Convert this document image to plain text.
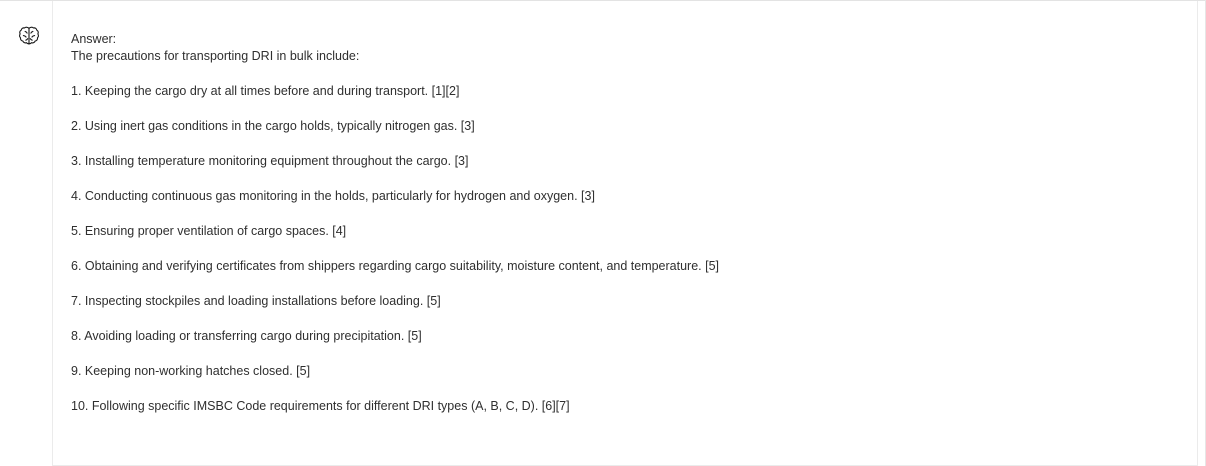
Answer:
The precautions for transporting DRI in bulk include:
1. Keeping the cargo dry at all times before and during transport. [1][2]
2. Using inert gas conditions in the cargo holds, typically nitrogen gas. [3]
3. Installing temperature monitoring equipment throughout the cargo. [3]
4. Conducting continuous gas monitoring in the holds, particularly for hydrogen and oxygen. [3]
5. Ensuring proper ventilation of cargo spaces. [4]
6. Obtaining and verifying certificates from shippers regarding cargo suitability, moisture content, and temperature. [5]
7. Inspecting stockpiles and loading installations before loading. [5]
8. Avoiding loading or transferring cargo during precipitation. [5]
9. Keeping non-working hatches closed. [5]
10. Following specific IMSBC Code requirements for different DRI types (A, B, C, D). [6][7]
